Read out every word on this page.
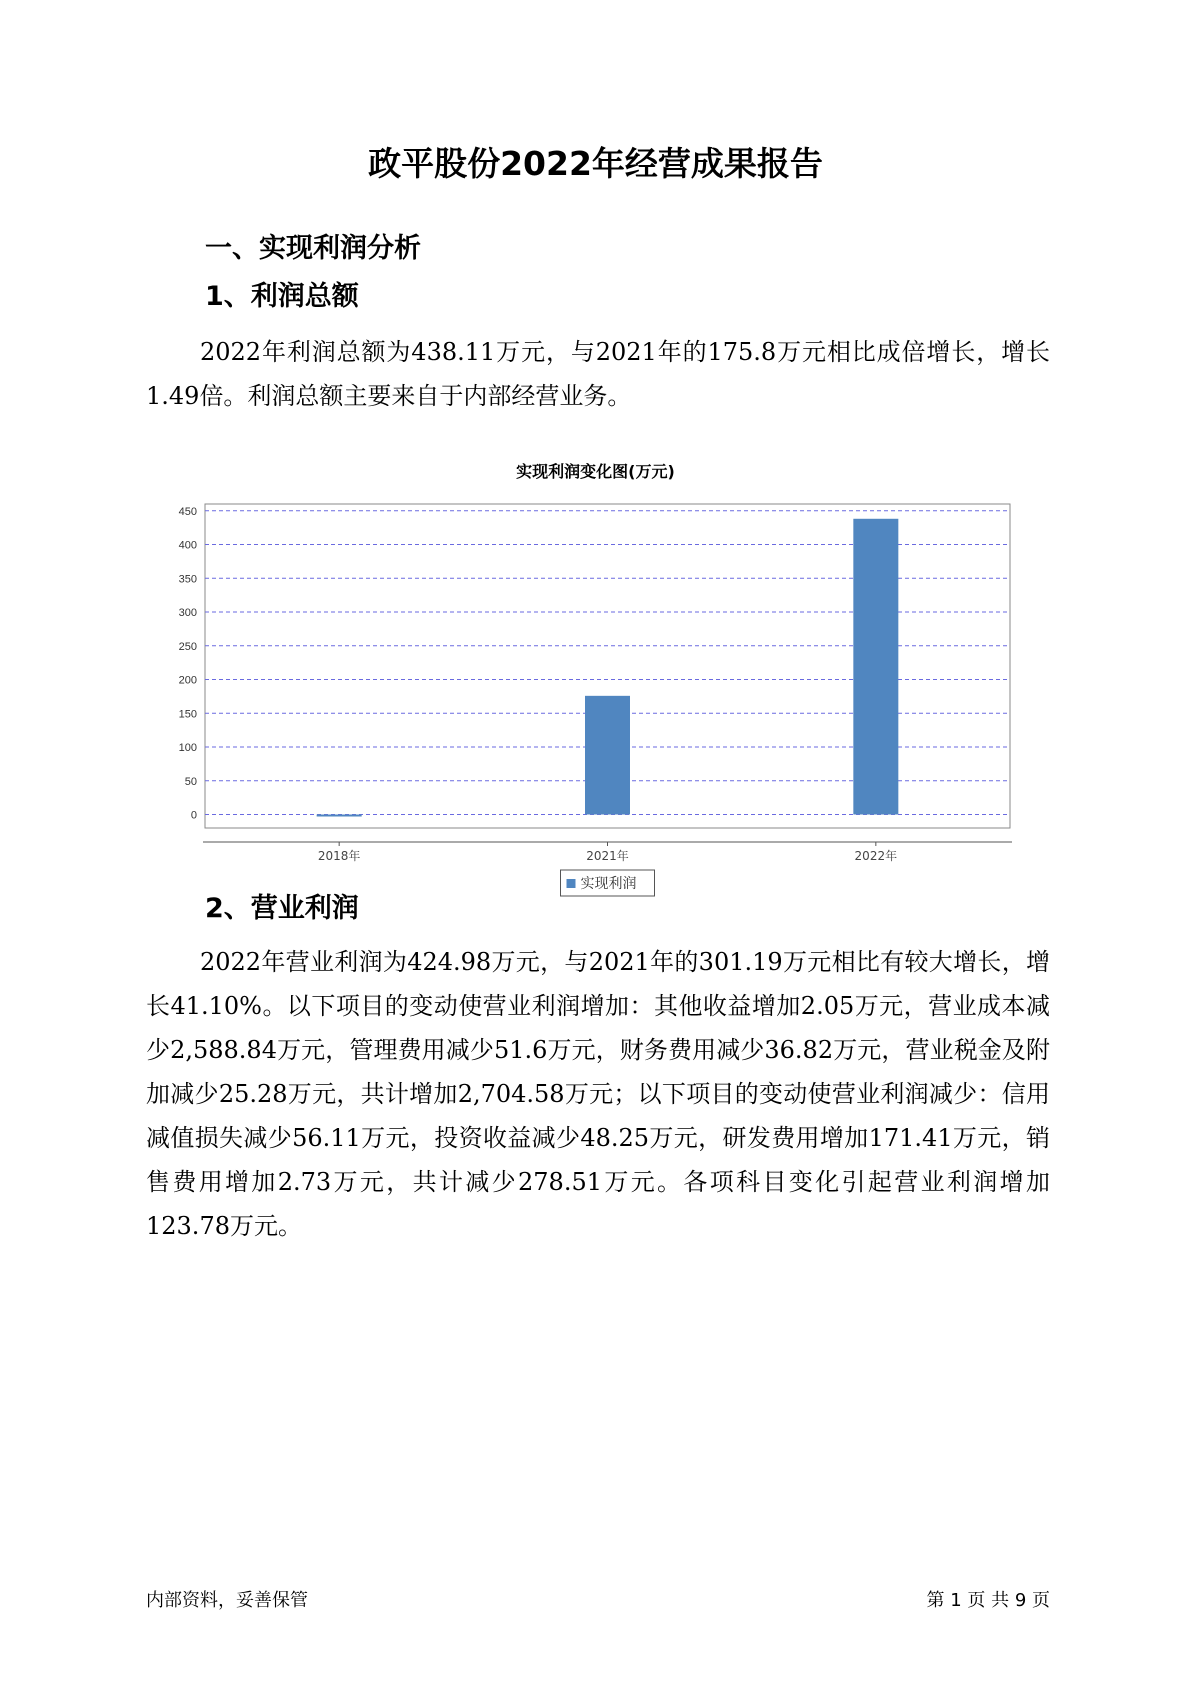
政平股份2022年经营成果报告
一、实现利润分析
1、利润总额

2022年利润总额为438.11万元，与2021年的175.8万元相比成倍增长，增长1.49倍。利润总额主要来自于内部经营业务。

实现利润变化图(万元)
0
50
100
150
200
250
300
350
400
450
2018年	2021年	2022年
实现利润
2、营业利润

2022年营业利润为424.98万元，与2021年的301.19万元相比有较大增长，增长41.10%。以下项目的变动使营业利润增加：其他收益增加2.05万元，营业成本减少2,588.84万元，管理费用减少51.6万元，财务费用减少36.82万元，营业税金及附加减少25.28万元，共计增加2,704.58万元；以下项目的变动使营业利润减少：信用减值损失减少56.11万元，投资收益减少48.25万元，研发费用增加171.41万元，销售费用增加2.73万元，共计减少278.51万元。各项科目变化引起营业利润增加123.78万元。

内部资料，妥善保管	第 1 页 共 9 页
